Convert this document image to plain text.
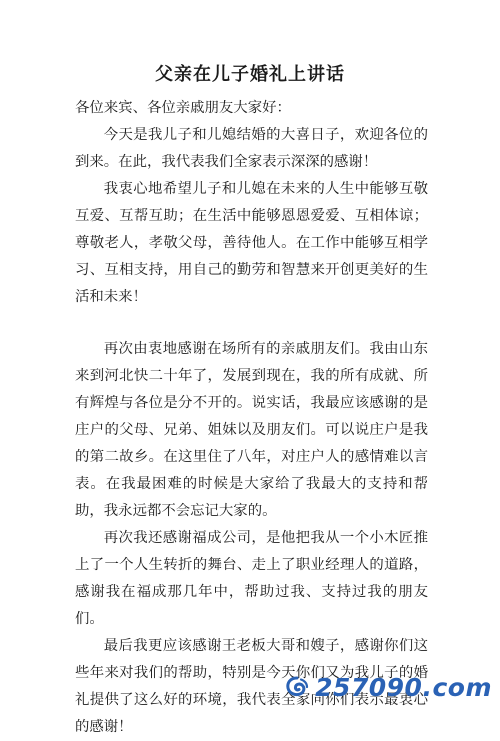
父亲在儿子婚礼上讲话

各位来宾、各位亲戚朋友大家好：

今天是我儿子和儿媳结婚的大喜日子，欢迎各位的到来。在此，我代表我们全家表示深深的感谢！

我衷心地希望儿子和儿媳在未来的人生中能够互敬互爱、互帮互助；在生活中能够恩恩爱爱、互相体谅；尊敬老人，孝敬父母，善待他人。在工作中能够互相学习、互相支持，用自己的勤劳和智慧来开创更美好的生活和未来！

再次由衷地感谢在场所有的亲戚朋友们。我由山东来到河北快二十年了，发展到现在，我的所有成就、所有辉煌与各位是分不开的。说实话，我最应该感谢的是庄户的父母、兄弟、姐妹以及朋友们。可以说庄户是我的第二故乡。在这里住了八年，对庄户人的感情难以言表。在我最困难的时候是大家给了我最大的支持和帮助，我永远都不会忘记大家的。

再次我还感谢福成公司，是他把我从一个小木匠推上了一个人生转折的舞台、走上了职业经理人的道路，感谢我在福成那几年中，帮助过我、支持过我的朋友们。

最后我更应该感谢王老板大哥和嫂子，感谢你们这些年来对我们的帮助，特别是今天你们又为我儿子的婚礼提供了这么好的环境，我代表全家向你们表示最衷心的感谢！

257090.com
